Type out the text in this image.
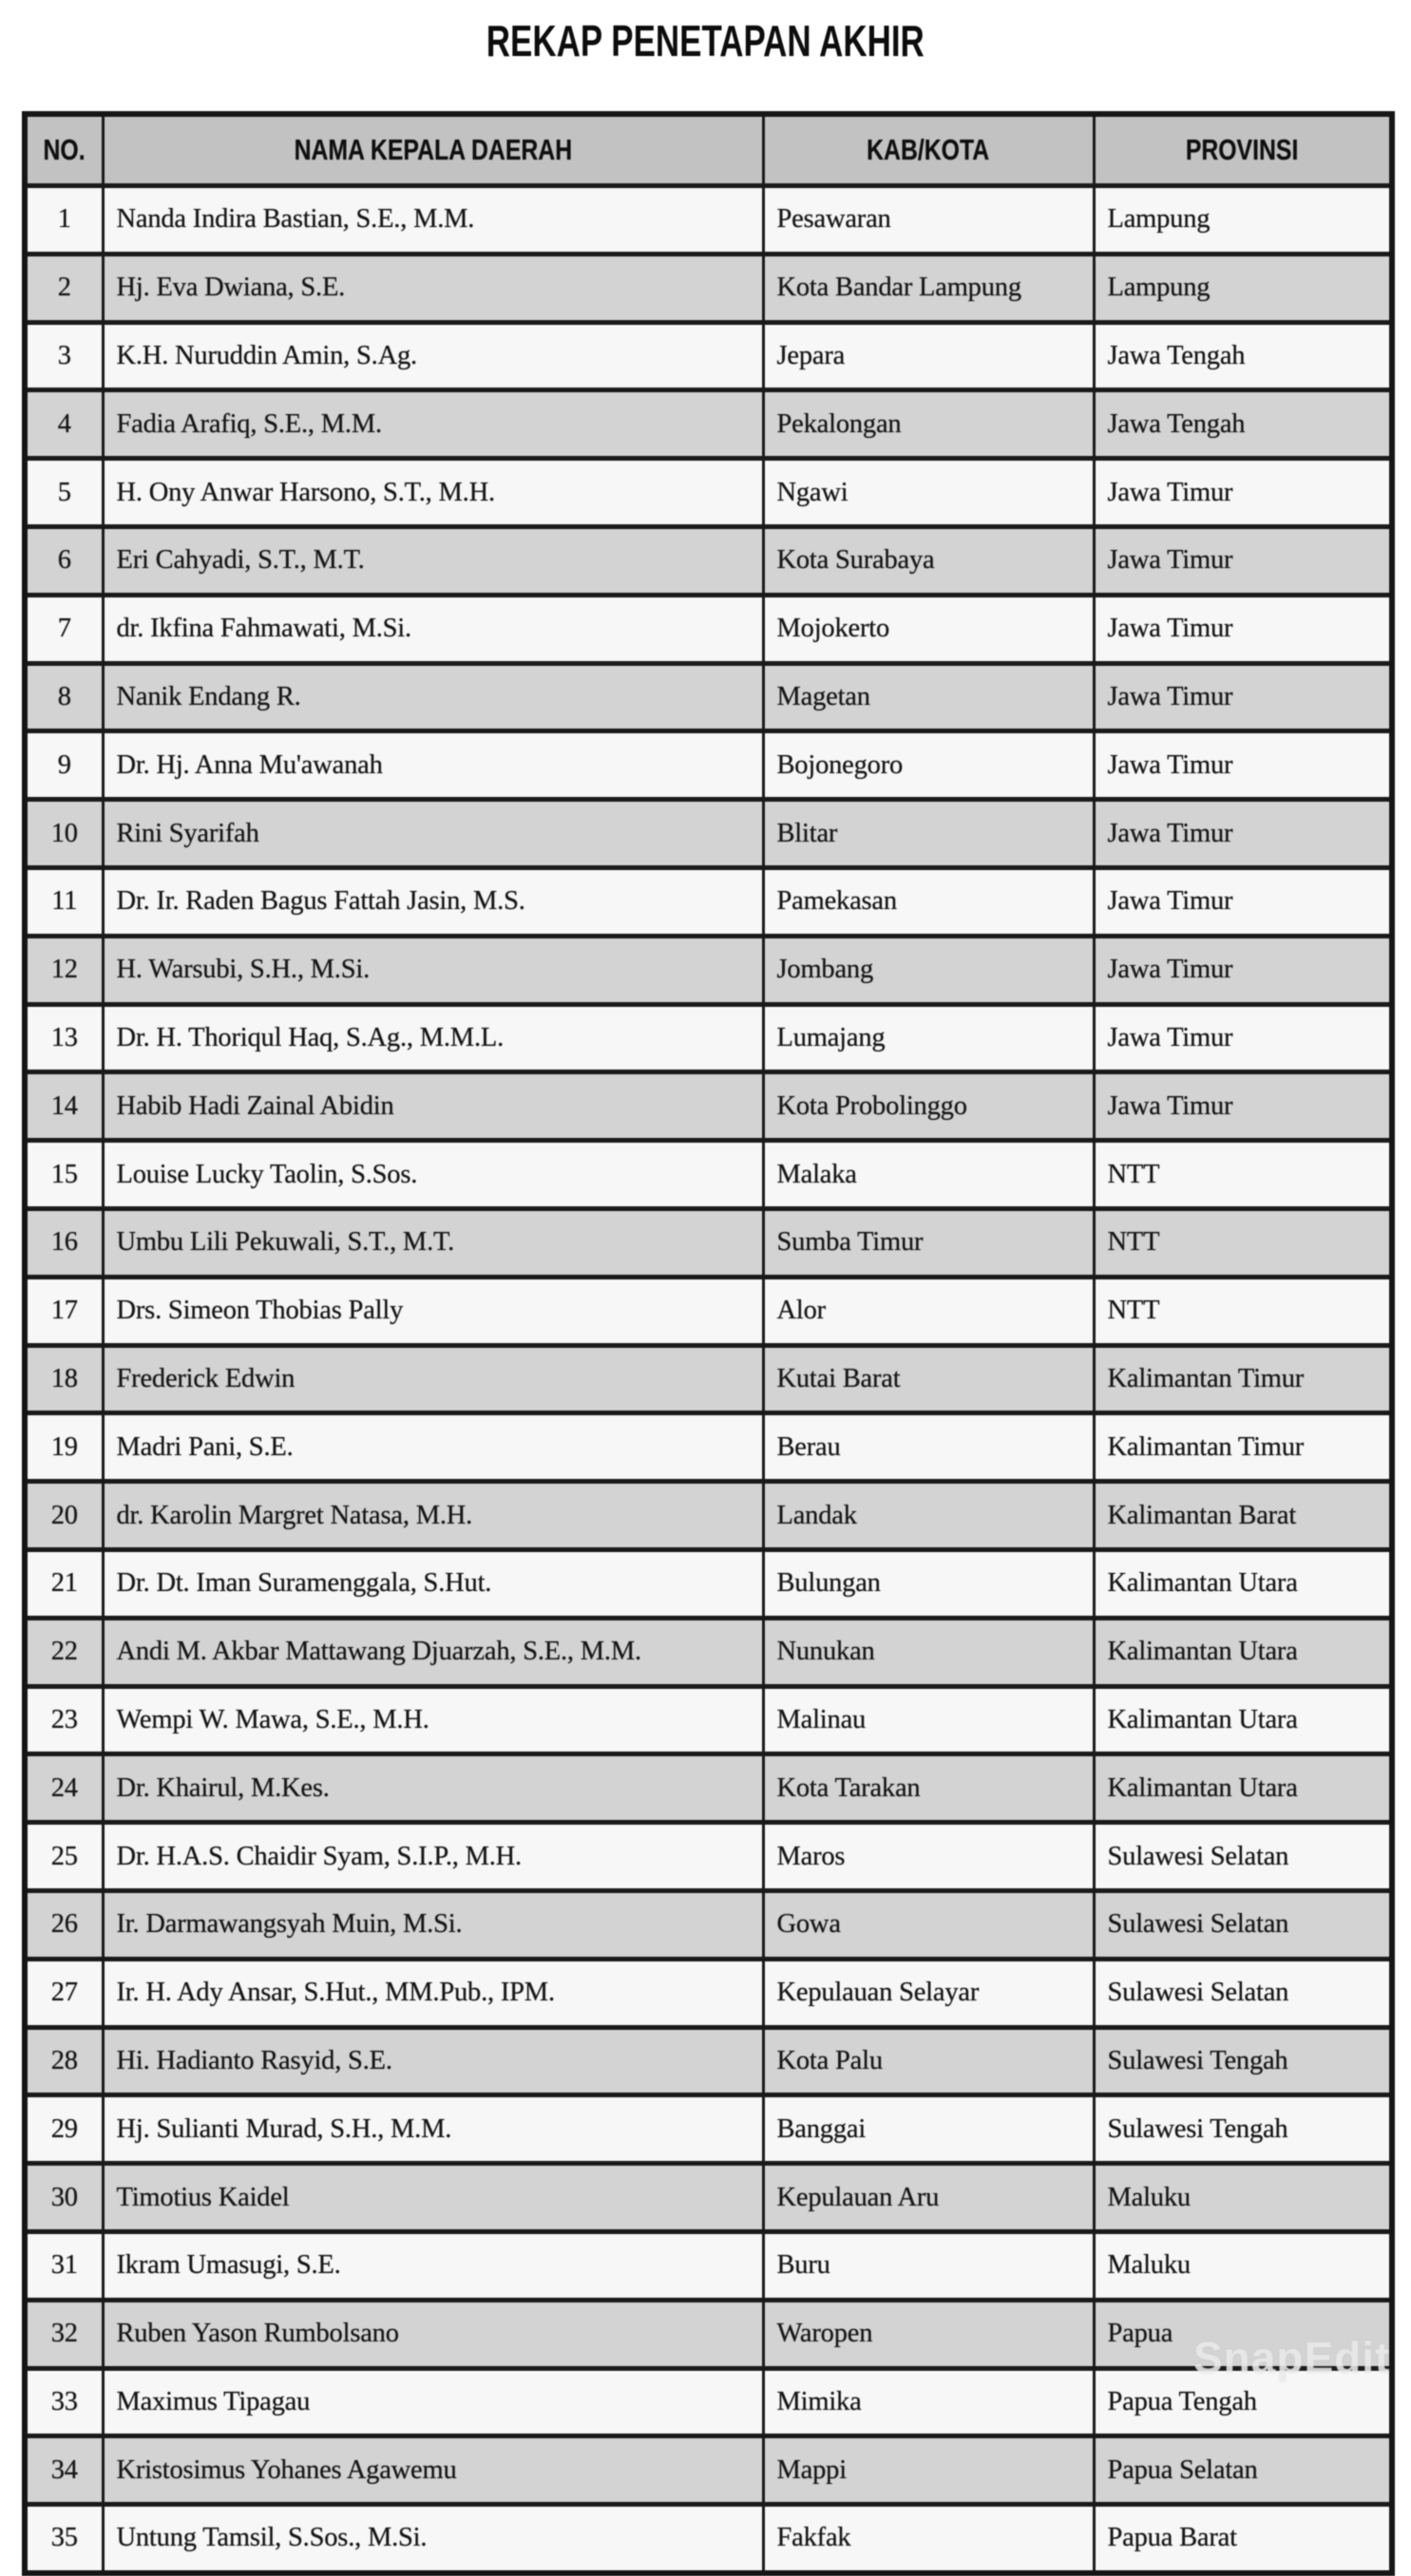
REKAP PENETAPAN AKHIR
NO.	NAMA KEPALA DAERAH	KAB/KOTA	PROVINSI
1	Nanda Indira Bastian, S.E., M.M.	Pesawaran	Lampung
2	Hj. Eva Dwiana, S.E.	Kota Bandar Lampung	Lampung
3	K.H. Nuruddin Amin, S.Ag.	Jepara	Jawa Tengah
4	Fadia Arafiq, S.E., M.M.	Pekalongan	Jawa Tengah
5	H. Ony Anwar Harsono, S.T., M.H.	Ngawi	Jawa Timur
6	Eri Cahyadi, S.T., M.T.	Kota Surabaya	Jawa Timur
7	dr. Ikfina Fahmawati, M.Si.	Mojokerto	Jawa Timur
8	Nanik Endang R.	Magetan	Jawa Timur
9	Dr. Hj. Anna Mu'awanah	Bojonegoro	Jawa Timur
10	Rini Syarifah	Blitar	Jawa Timur
11	Dr. Ir. Raden Bagus Fattah Jasin, M.S.	Pamekasan	Jawa Timur
12	H. Warsubi, S.H., M.Si.	Jombang	Jawa Timur
13	Dr. H. Thoriqul Haq, S.Ag., M.M.L.	Lumajang	Jawa Timur
14	Habib Hadi Zainal Abidin	Kota Probolinggo	Jawa Timur
15	Louise Lucky Taolin, S.Sos.	Malaka	NTT
16	Umbu Lili Pekuwali, S.T., M.T.	Sumba Timur	NTT
17	Drs. Simeon Thobias Pally	Alor	NTT
18	Frederick Edwin	Kutai Barat	Kalimantan Timur
19	Madri Pani, S.E.	Berau	Kalimantan Timur
20	dr. Karolin Margret Natasa, M.H.	Landak	Kalimantan Barat
21	Dr. Dt. Iman Suramenggala, S.Hut.	Bulungan	Kalimantan Utara
22	Andi M. Akbar Mattawang Djuarzah, S.E., M.M.	Nunukan	Kalimantan Utara
23	Wempi W. Mawa, S.E., M.H.	Malinau	Kalimantan Utara
24	Dr. Khairul, M.Kes.	Kota Tarakan	Kalimantan Utara
25	Dr. H.A.S. Chaidir Syam, S.I.P., M.H.	Maros	Sulawesi Selatan
26	Ir. Darmawangsyah Muin, M.Si.	Gowa	Sulawesi Selatan
27	Ir. H. Ady Ansar, S.Hut., MM.Pub., IPM.	Kepulauan Selayar	Sulawesi Selatan
28	Hi. Hadianto Rasyid, S.E.	Kota Palu	Sulawesi Tengah
29	Hj. Sulianti Murad, S.H., M.M.	Banggai	Sulawesi Tengah
30	Timotius Kaidel	Kepulauan Aru	Maluku
31	Ikram Umasugi, S.E.	Buru	Maluku
32	Ruben Yason Rumbolsano	Waropen	Papua
33	Maximus Tipagau	Mimika	Papua Tengah
34	Kristosimus Yohanes Agawemu	Mappi	Papua Selatan
35	Untung Tamsil, S.Sos., M.Si.	Fakfak	Papua Barat
SnapEdit
